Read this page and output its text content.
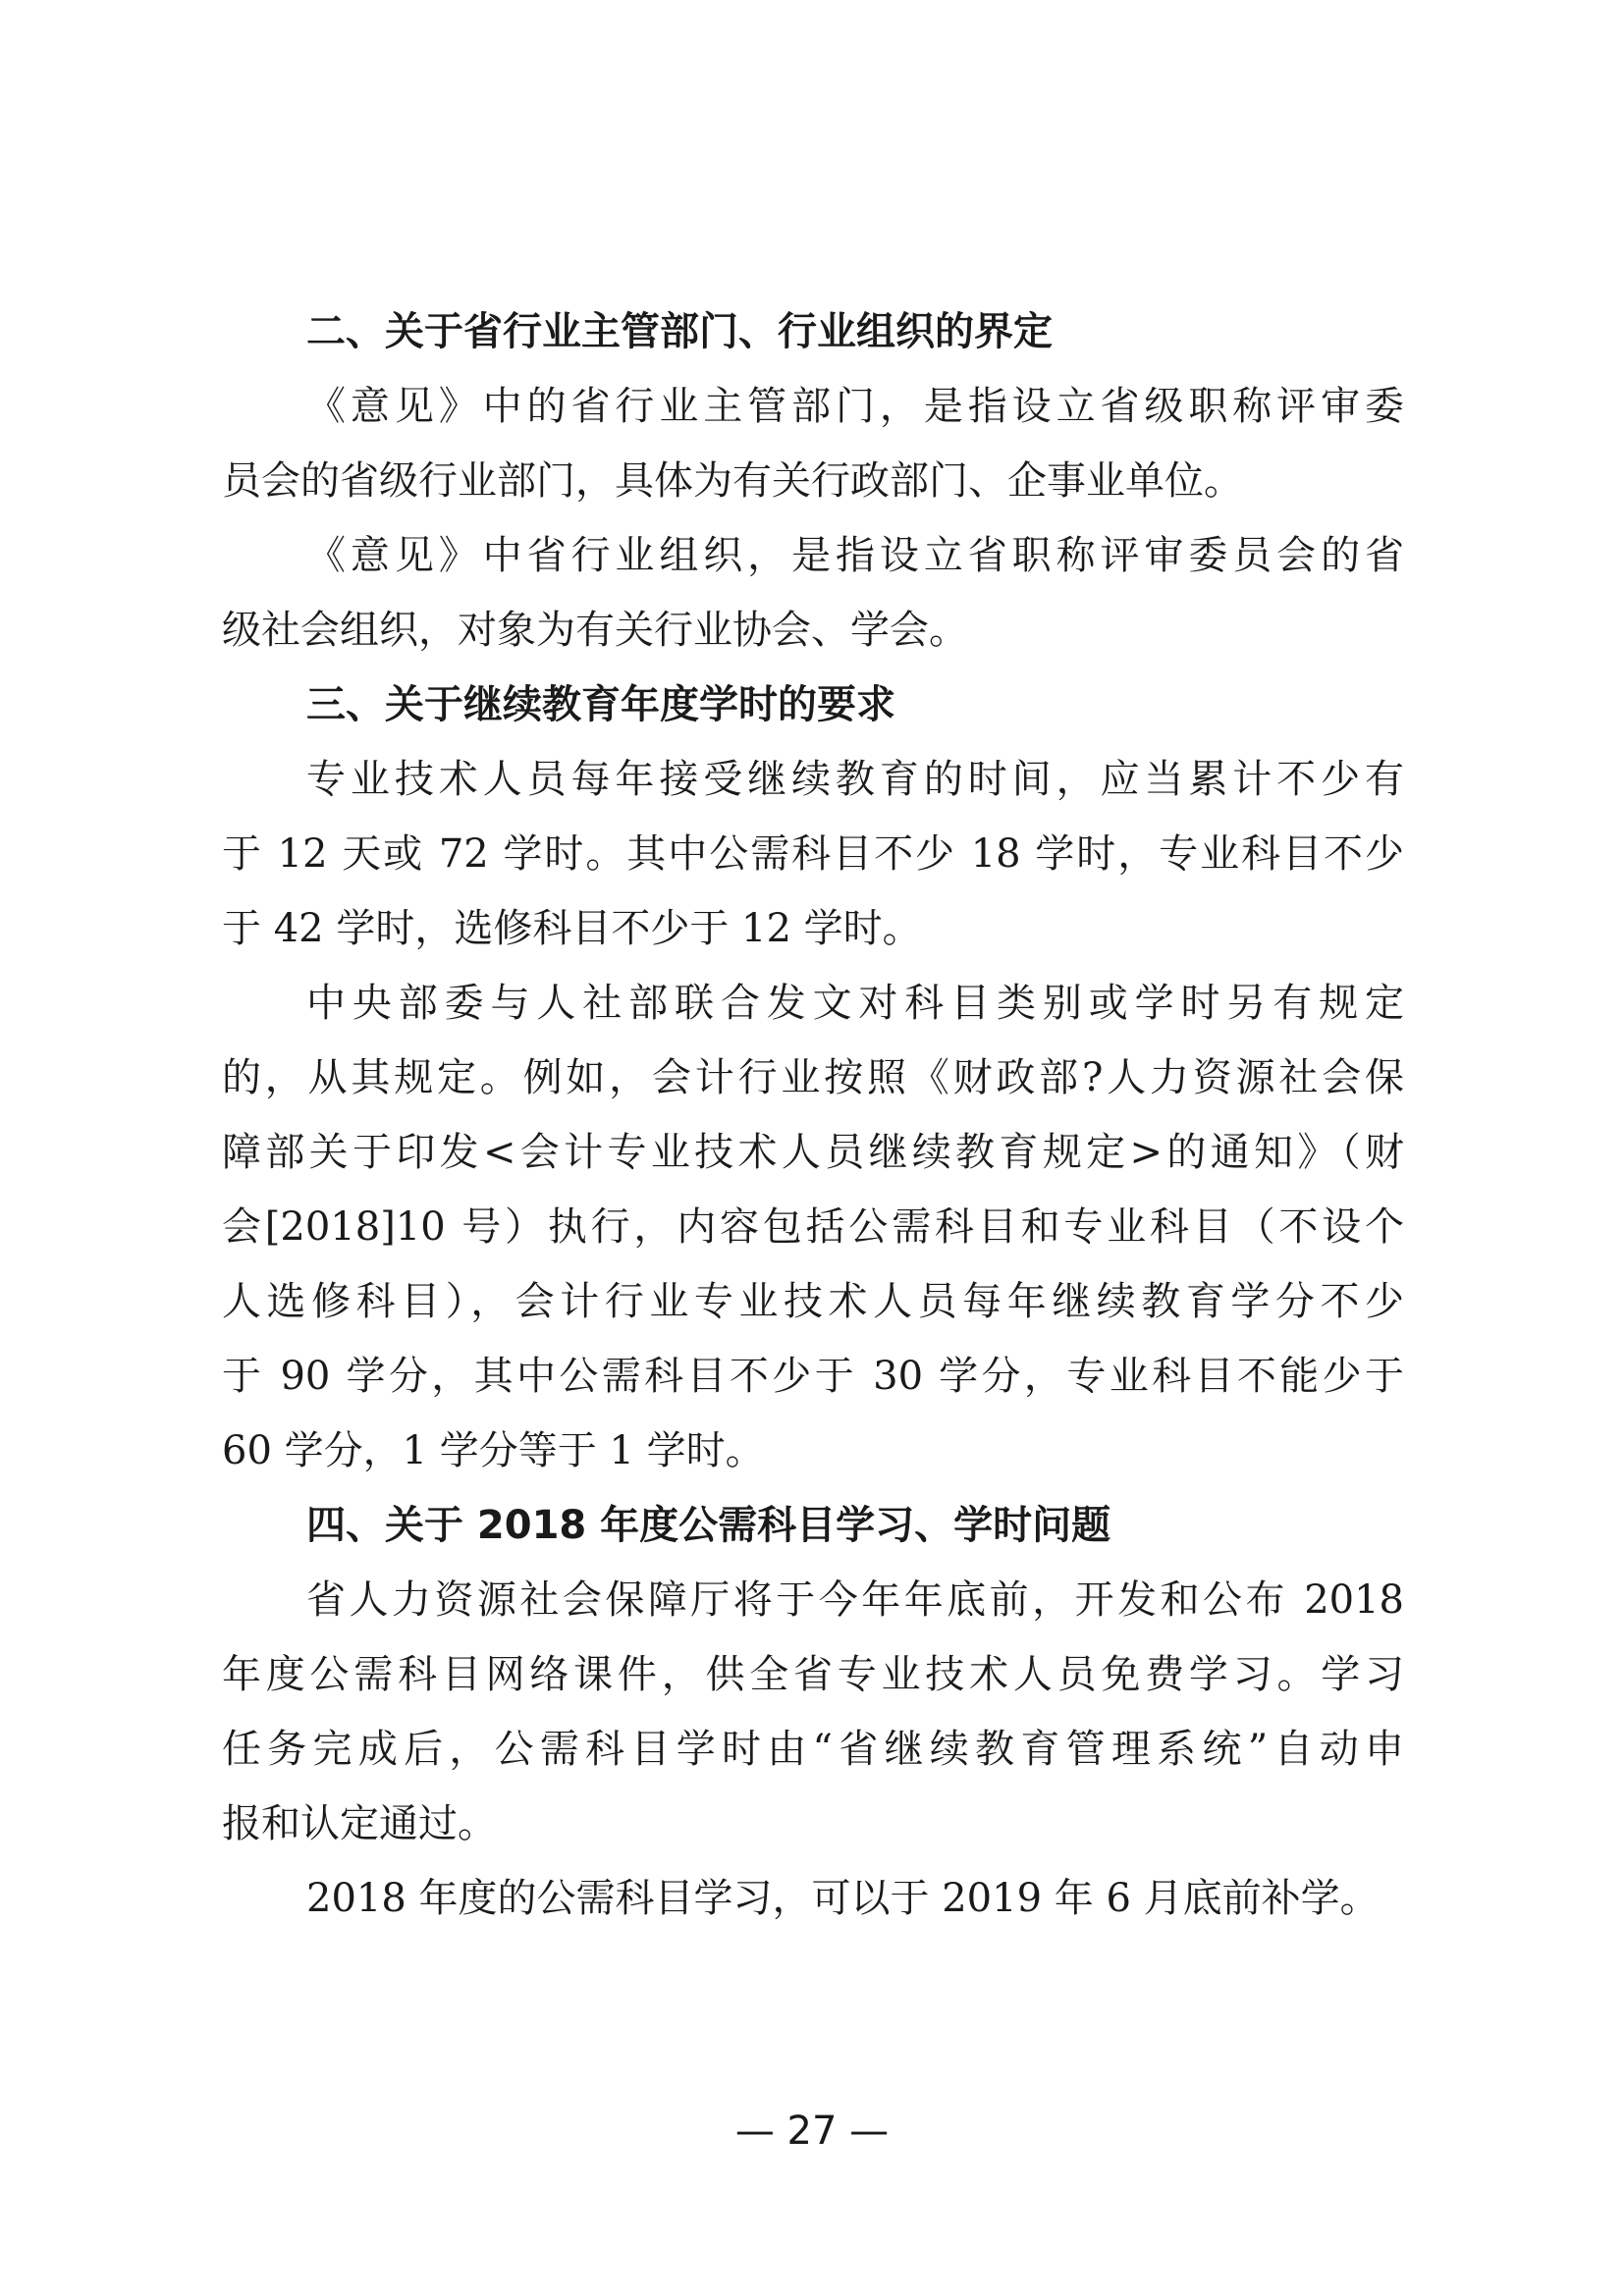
二、关于省行业主管部门、行业组织的界定
《意见》中的省行业主管部门，是指设立省级职称评审委
员会的省级行业部门，具体为有关行政部门、企事业单位。
《意见》中省行业组织，是指设立省职称评审委员会的省
级社会组织，对象为有关行业协会、学会。
三、关于继续教育年度学时的要求
专业技术人员每年接受继续教育的时间，应当累计不少有
于 12 天或 72 学时。其中公需科目不少 18 学时，专业科目不少
于 42 学时，选修科目不少于 12 学时。
中央部委与人社部联合发文对科目类别或学时另有规定
的，从其规定。例如，会计行业按照《财政部?人力资源社会保
障部关于印发<会计专业技术人员继续教育规定>的通知》（财
会[2018]10 号）执行，内容包括公需科目和专业科目（不设个
人选修科目），会计行业专业技术人员每年继续教育学分不少
于 90 学分，其中公需科目不少于 30 学分，专业科目不能少于
60 学分，1 学分等于 1 学时。
四、关于 2018 年度公需科目学习、学时问题
省人力资源社会保障厅将于今年年底前，开发和公布 2018
年度公需科目网络课件，供全省专业技术人员免费学习。学习
任务完成后，公需科目学时由“省继续教育管理系统”自动申
报和认定通过。
2018 年度的公需科目学习，可以于 2019 年 6 月底前补学。
— 27 —
